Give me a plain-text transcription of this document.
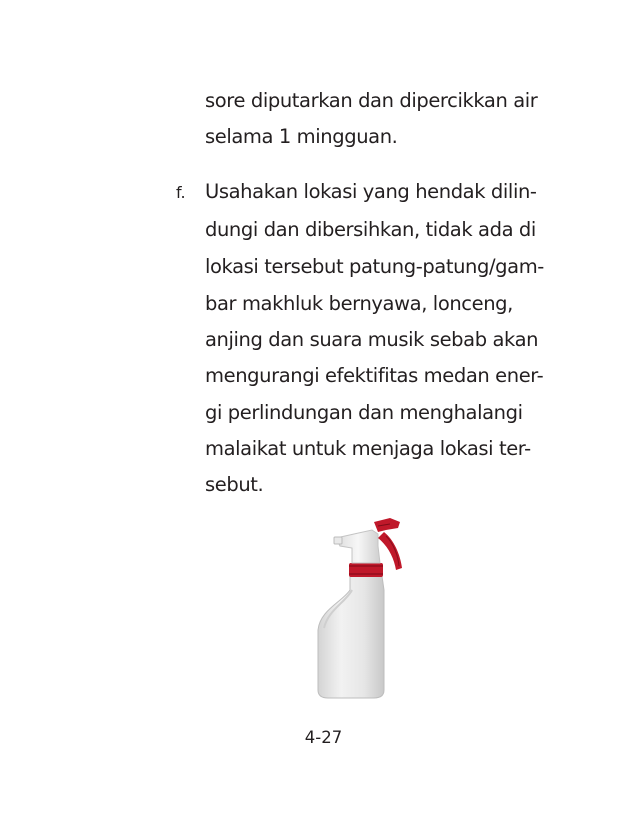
sore diputarkan dan dipercikkan air
selama 1 mingguan.
f. Usahakan lokasi yang hendak dilin-
dungi dan dibersihkan, tidak ada di
lokasi tersebut patung-patung/gam-
bar makhluk bernyawa, lonceng,
anjing dan suara musik sebab akan
mengurangi efektifitas medan ener-
gi perlindungan dan menghalangi
malaikat untuk menjaga lokasi ter-
sebut.
4-27
